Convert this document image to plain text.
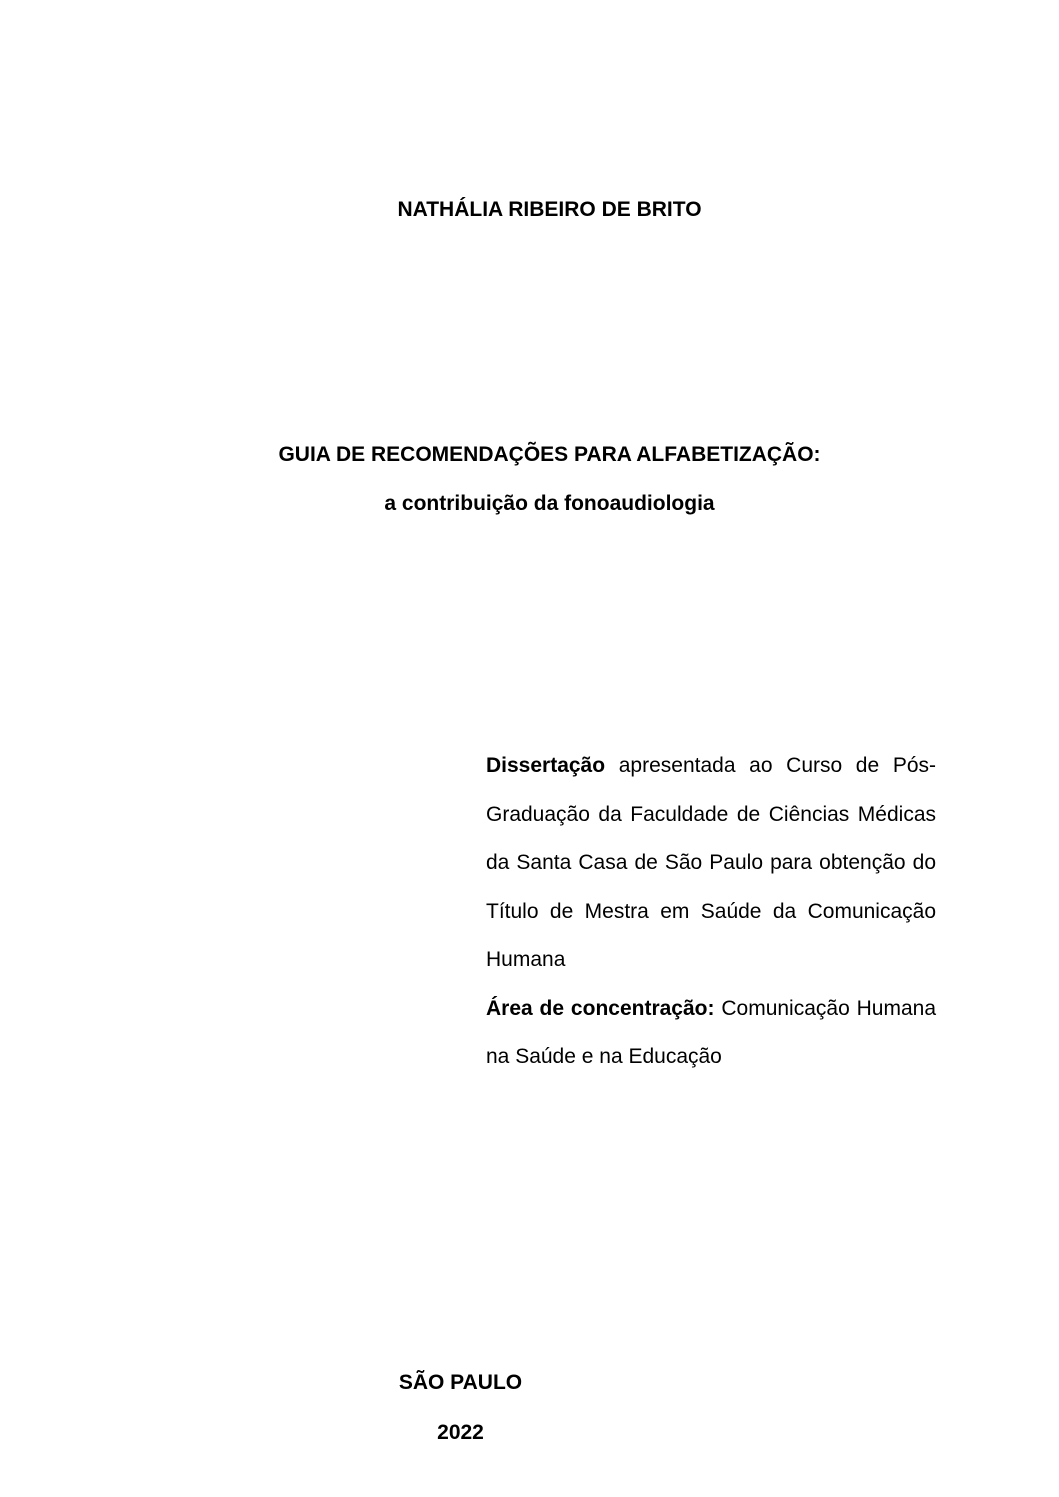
NATHÁLIA RIBEIRO DE BRITO
GUIA DE RECOMENDAÇÕES PARA ALFABETIZAÇÃO:
a contribuição da fonoaudiologia
Dissertação apresentada ao Curso de Pós-
Graduação da Faculdade de Ciências Médicas
da Santa Casa de São Paulo para obtenção do
Título de Mestra em Saúde da Comunicação
Humana
Área de concentração: Comunicação Humana
na Saúde e na Educação
SÃO PAULO
2022
